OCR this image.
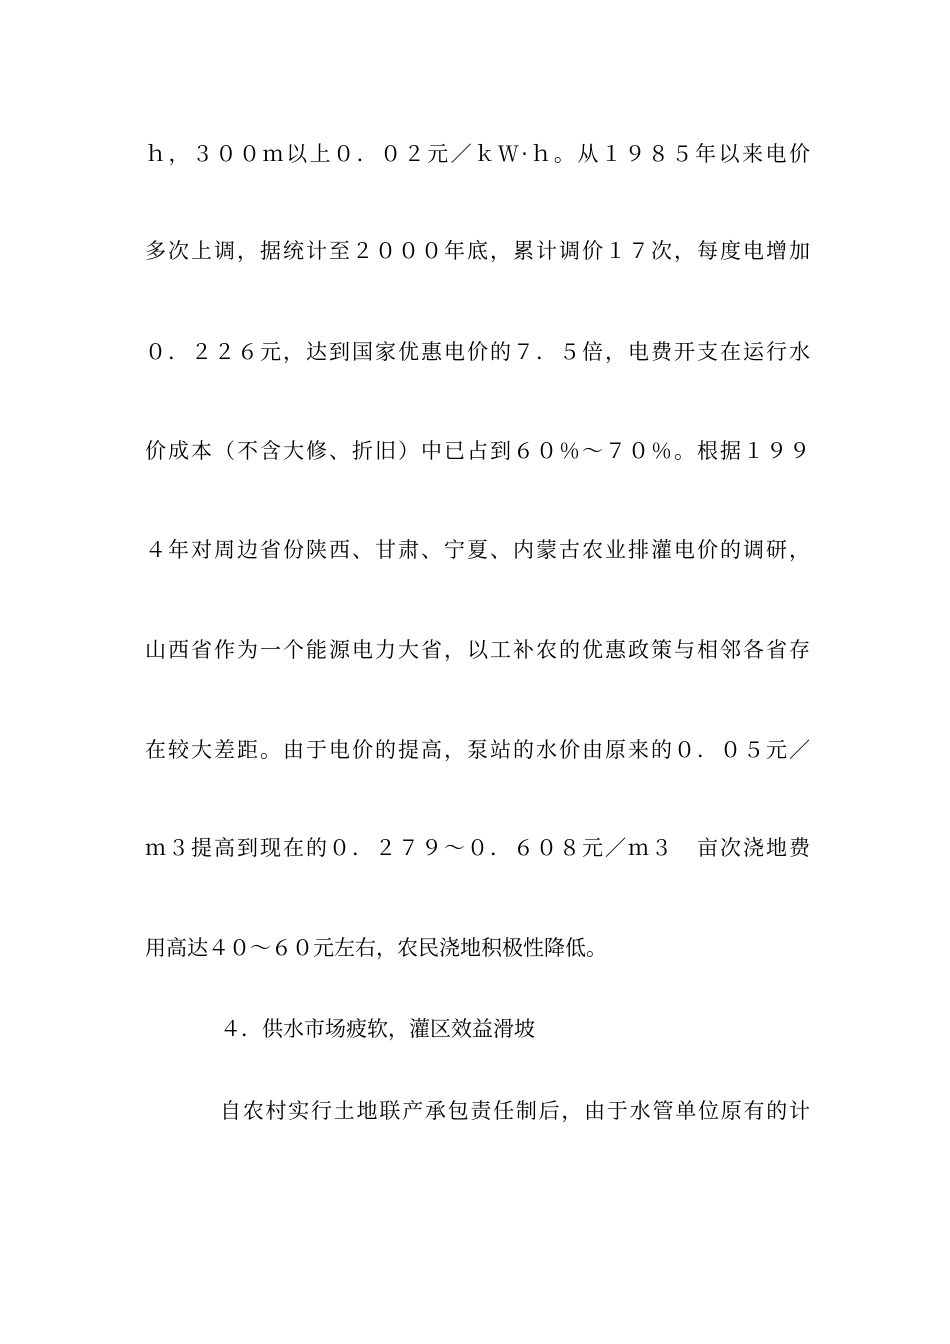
ｈ，３００ｍ以上０．０２元／ｋＷ·ｈ。从１９８５年以来电价
多次上调，据统计至２０００年底，累计调价１７次，每度电增加
０．２２６元，达到国家优惠电价的７．５倍，电费开支在运行水
价成本（不含大修、折旧）中已占到６０％～７０％。根据１９９
４年对周边省份陕西、甘肃、宁夏、内蒙古农业排灌电价的调研，
山西省作为一个能源电力大省，以工补农的优惠政策与相邻各省存
在较大差距。由于电价的提高，泵站的水价由原来的０．０５元／
ｍ３提高到现在的０．２７９～０．６０８元／ｍ３　亩次浇地费
用高达４０～６０元左右，农民浇地积极性降低。
４．供水市场疲软，灌区效益滑坡
自农村实行土地联产承包责任制后，由于水管单位原有的计
